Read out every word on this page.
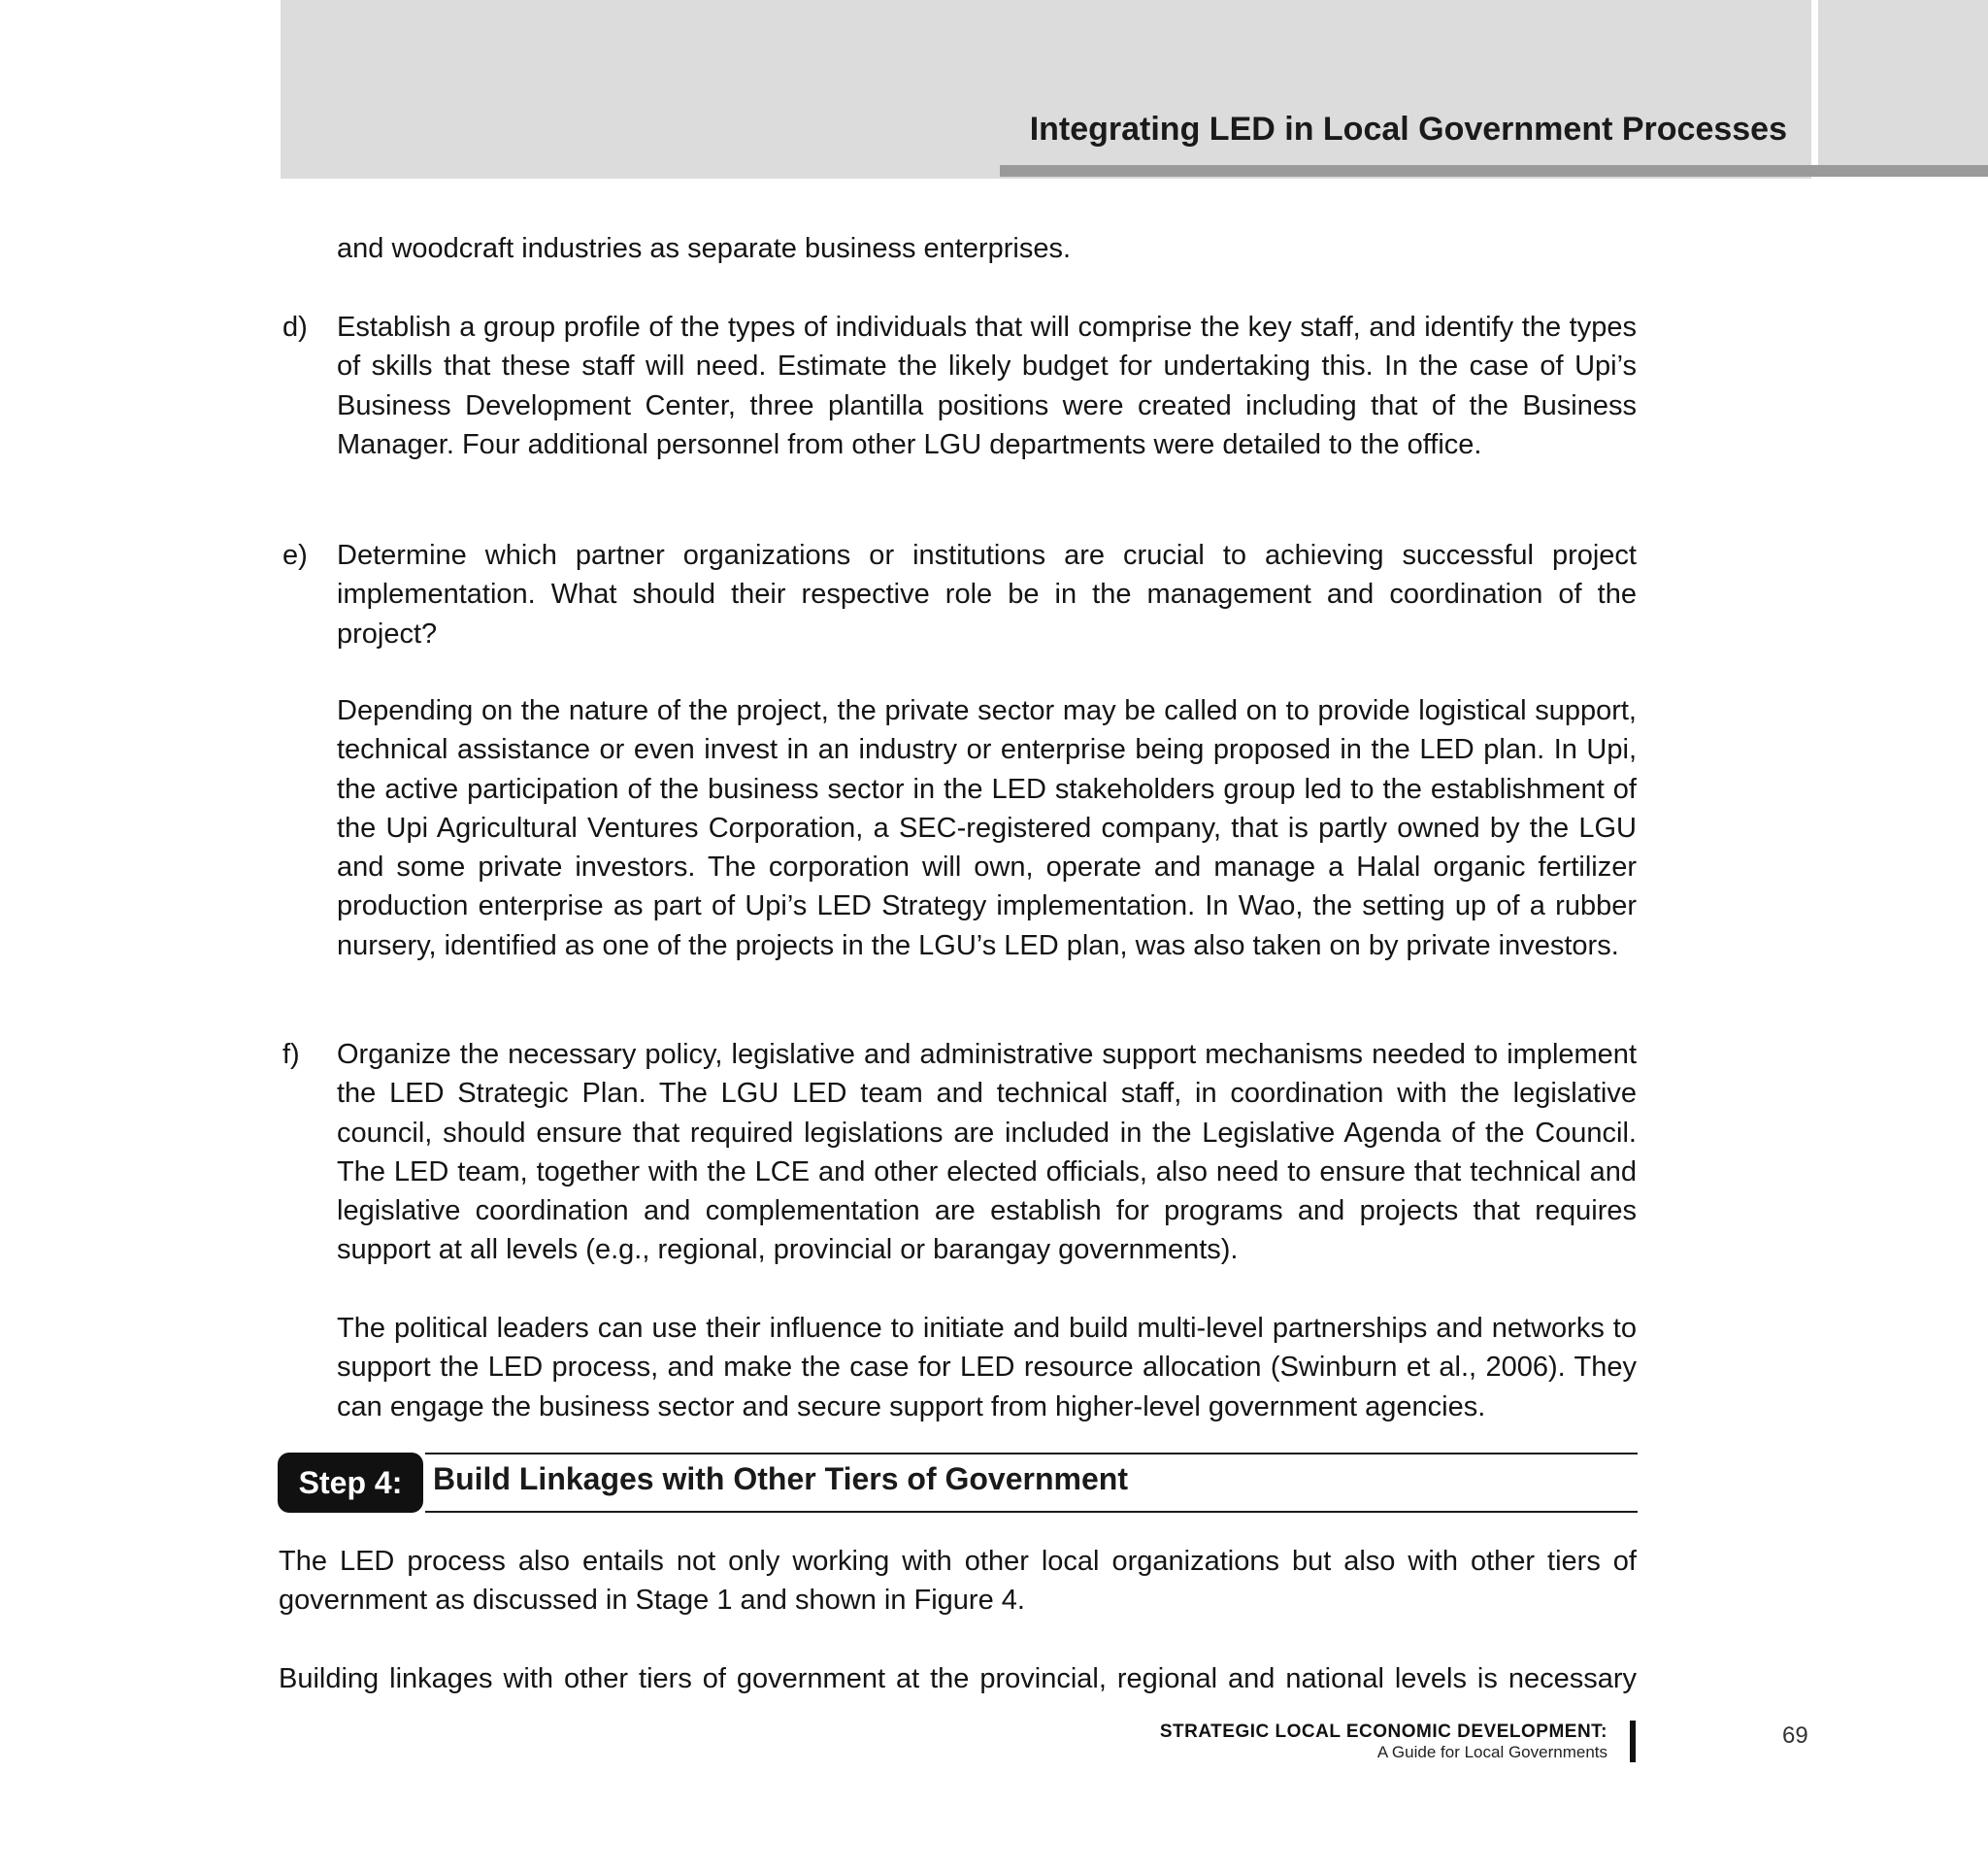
Integrating LED in Local Government Processes
and woodcraft industries as separate business enterprises.
d) Establish a group profile of the types of individuals that will comprise the key staff, and identify the types of skills that these staff will need. Estimate the likely budget for undertaking this. In the case of Upi’s Business Development Center, three plantilla positions were created including that of the Business Manager. Four additional personnel from other LGU departments were detailed to the office.
e) Determine which partner organizations or institutions are crucial to achieving successful project implementation. What should their respective role be in the management and coordination of the project?
Depending on the nature of the project, the private sector may be called on to provide logistical support, technical assistance or even invest in an industry or enterprise being proposed in the LED plan. In Upi, the active participation of the business sector in the LED stakeholders group led to the establishment of the Upi Agricultural Ventures Corporation, a SEC-registered company, that is partly owned by the LGU and some private investors. The corporation will own, operate and manage a Halal organic fertilizer production enterprise as part of Upi’s LED Strategy implementation. In Wao, the setting up of a rubber nursery, identified as one of the projects in the LGU’s LED plan, was also taken on by private investors.
f) Organize the necessary policy, legislative and administrative support mechanisms needed to implement the LED Strategic Plan. The LGU LED team and technical staff, in coordination with the legislative council, should ensure that required legislations are included in the Legislative Agenda of the Council. The LED team, together with the LCE and other elected officials, also need to ensure that technical and legislative coordination and complementation are establish for programs and projects that requires support at all levels (e.g., regional, provincial or barangay governments).
The political leaders can use their influence to initiate and build multi-level partnerships and networks to support the LED process, and make the case for LED resource allocation (Swinburn et al., 2006). They can engage the business sector and secure support from higher-level government agencies.
Step 4: Build Linkages with Other Tiers of Government
The LED process also entails not only working with other local organizations but also with other tiers of government as discussed in Stage 1 and shown in Figure 4.
Building linkages with other tiers of government at the provincial, regional and national levels is necessary
STRATEGIC LOCAL ECONOMIC DEVELOPMENT:
A Guide for Local Governments
69
